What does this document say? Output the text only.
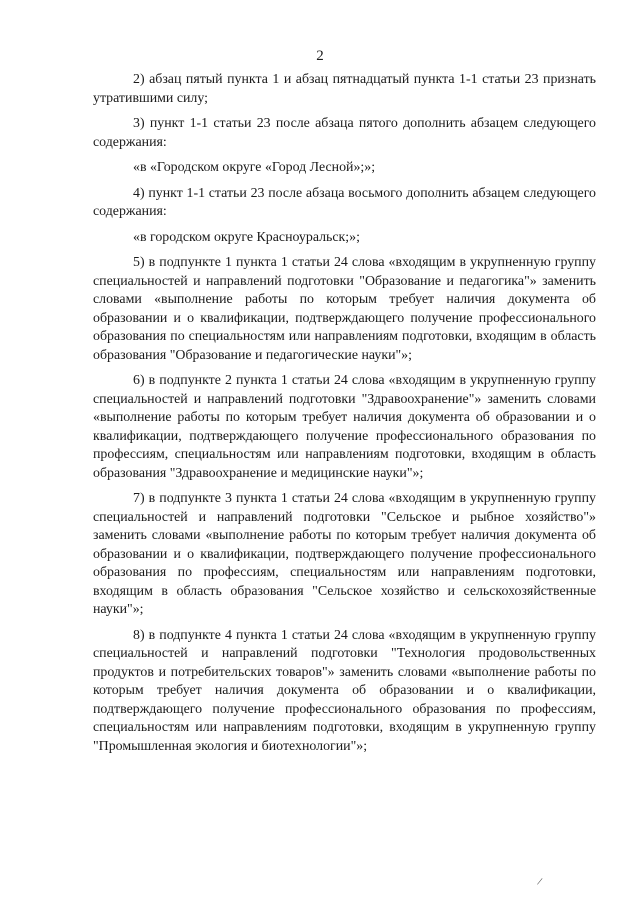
2

2) абзац пятый пункта 1 и абзац пятнадцатый пункта 1-1 статьи 23 признать утратившими силу;

3) пункт 1-1 статьи 23 после абзаца пятого дополнить абзацем следующего содержания:

«в «Городском округе «Город Лесной»;»;

4) пункт 1-1 статьи 23 после абзаца восьмого дополнить абзацем следующего содержания:

«в городском округе Красноуральск;»;

5) в подпункте 1 пункта 1 статьи 24 слова «входящим в укрупненную группу специальностей и направлений подготовки "Образование и педагогика"» заменить словами «выполнение работы по которым требует наличия документа об образовании и о квалификации, подтверждающего получение профессионального образования по специальностям или направлениям подготовки, входящим в область образования "Образование и педагогические науки"»;

6) в подпункте 2 пункта 1 статьи 24 слова «входящим в укрупненную группу специальностей и направлений подготовки "Здравоохранение"» заменить словами «выполнение работы по которым требует наличия документа об образовании и о квалификации, подтверждающего получение профессионального образования по профессиям, специальностям или направлениям подготовки, входящим в область образования "Здравоохранение и медицинские науки"»;

7) в подпункте 3 пункта 1 статьи 24 слова «входящим в укрупненную группу специальностей и направлений подготовки "Сельское и рыбное хозяйство"» заменить словами «выполнение работы по которым требует наличия документа об образовании и о квалификации, подтверждающего получение профессионального образования по профессиям, специальностям или направлениям подготовки, входящим в область образования "Сельское хозяйство и сельскохозяйственные науки"»;

8) в подпункте 4 пункта 1 статьи 24 слова «входящим в укрупненную группу специальностей и направлений подготовки "Технология продовольственных продуктов и потребительских товаров"» заменить словами «выполнение работы по которым требует наличия документа об образовании и о квалификации, подтверждающего получение профессионального образования по профессиям, специальностям или направлениям подготовки, входящим в укрупненную группу "Промышленная экология и биотехнологии"»;

/
